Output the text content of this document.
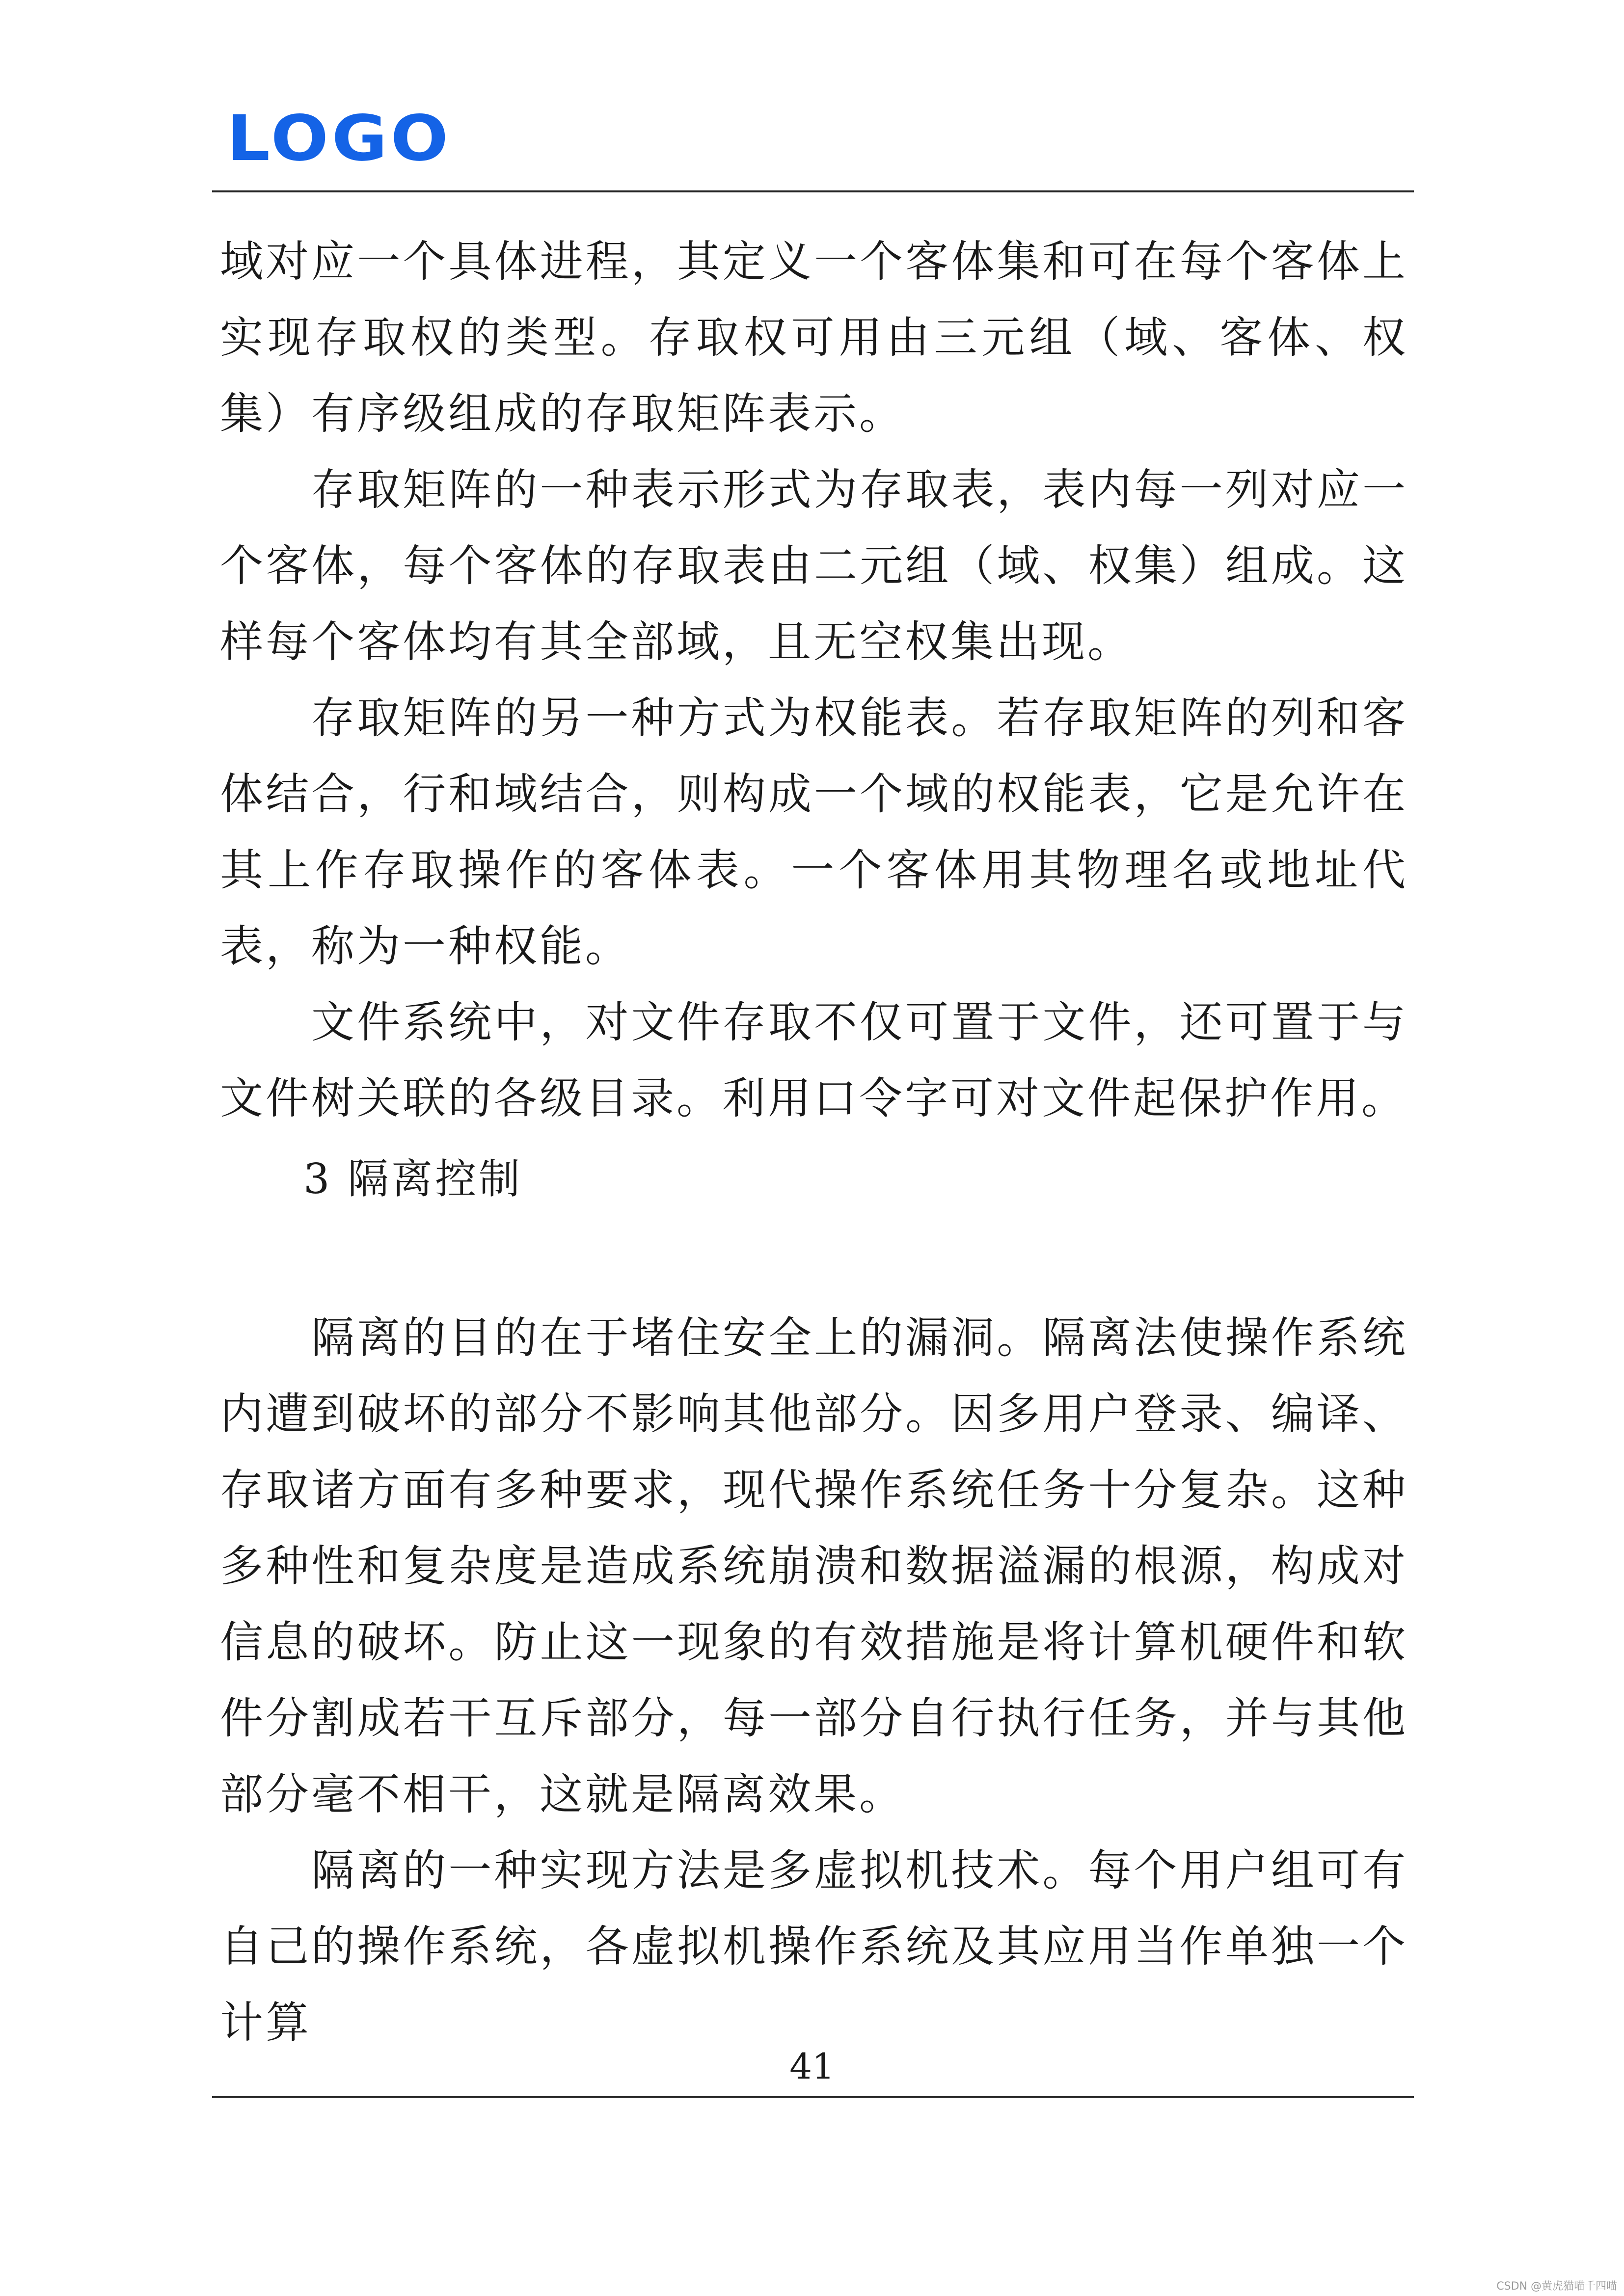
LOGO

域对应一个具体进程，其定义一个客体集和可在每个客体上实现存取权的类型。存取权可用由三元组（域、客体、权集）有序级组成的存取矩阵表示。

存取矩阵的一种表示形式为存取表，表内每一列对应一个客体，每个客体的存取表由二元组（域、权集）组成。这样每个客体均有其全部域，且无空权集出现。

存取矩阵的另一种方式为权能表。若存取矩阵的列和客体结合，行和域结合，则构成一个域的权能表，它是允许在其上作存取操作的客体表。一个客体用其物理名或地址代表，称为一种权能。

文件系统中，对文件存取不仅可置于文件，还可置于与文件树关联的各级目录。利用口令字可对文件起保护作用。

3 隔离控制

隔离的目的在于堵住安全上的漏洞。隔离法使操作系统内遭到破坏的部分不影响其他部分。因多用户登录、编译、存取诸方面有多种要求，现代操作系统任务十分复杂。这种多种性和复杂度是造成系统崩溃和数据溢漏的根源，构成对信息的破坏。防止这一现象的有效措施是将计算机硬件和软件分割成若干互斥部分，每一部分自行执行任务，并与其他部分毫不相干，这就是隔离效果。

隔离的一种实现方法是多虚拟机技术。每个用户组可有自己的操作系统，各虚拟机操作系统及其应用当作单独一个计算

41
CSDN @黄虎猫喵千四喵
